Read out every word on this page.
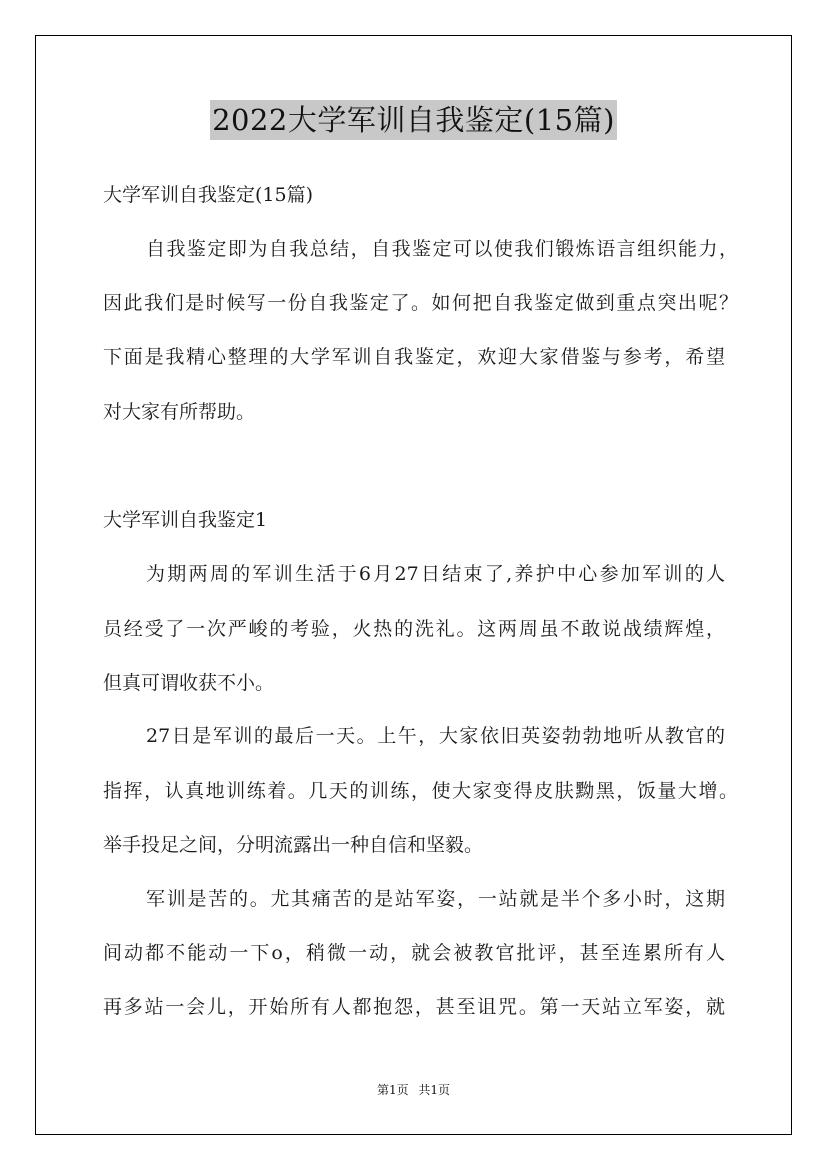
2022大学军训自我鉴定(15篇)
大学军训自我鉴定(15篇)
自我鉴定即为自我总结，自我鉴定可以使我们锻炼语言组织能力，
因此我们是时候写一份自我鉴定了。如何把自我鉴定做到重点突出呢？
下面是我精心整理的大学军训自我鉴定，欢迎大家借鉴与参考，希望
对大家有所帮助。
大学军训自我鉴定1
为期两周的军训生活于6月27日结束了,养护中心参加军训的人
员经受了一次严峻的考验，火热的洗礼。这两周虽不敢说战绩辉煌，
但真可谓收获不小。
27日是军训的最后一天。上午，大家依旧英姿勃勃地听从教官的
指挥，认真地训练着。几天的训练，使大家变得皮肤黝黑，饭量大增。
举手投足之间，分明流露出一种自信和坚毅。
军训是苦的。尤其痛苦的是站军姿，一站就是半个多小时，这期
间动都不能动一下o，稍微一动，就会被教官批评，甚至连累所有人
再多站一会儿，开始所有人都抱怨，甚至诅咒。第一天站立军姿，就
第1页 共1页
